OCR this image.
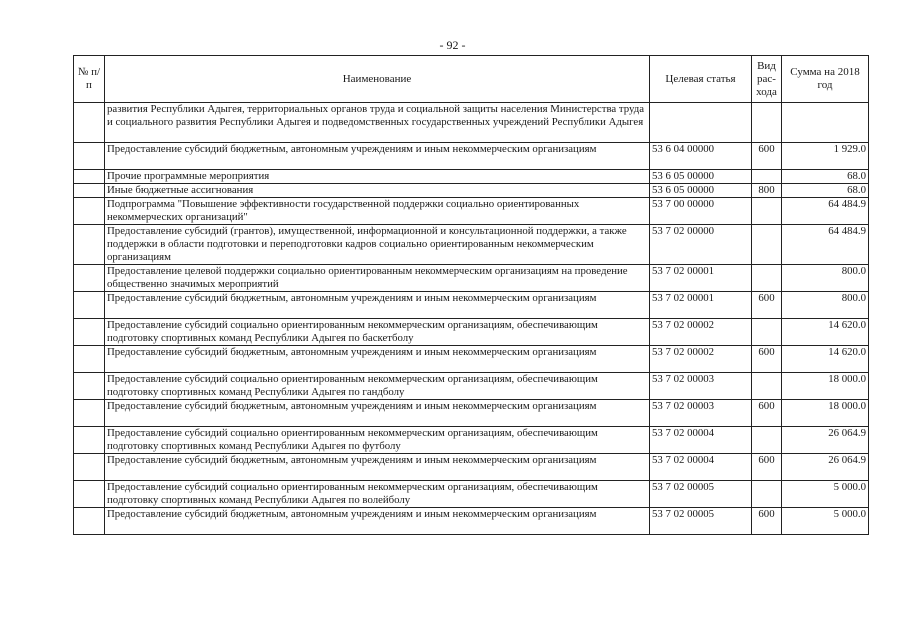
- 92 -
№ п/п	Наименование	Целевая статья	Вид рас-хода	Сумма на 2018 год
	развития Республики Адыгея, территориальных органов труда и социальной защиты населения Министерства труда и социального развития Республики Адыгея и подведомственных государственных учреждений Республики Адыгея			
	Предоставление субсидий бюджетным, автономным учреждениям и иным некоммерческим организациям	53 6 04 00000	600	1 929.0
	Прочие программные мероприятия	53 6 05 00000		68.0
	Иные бюджетные ассигнования	53 6 05 00000	800	68.0
	Подпрограмма "Повышение эффективности государственной поддержки социально ориентированных некоммерческих организаций"	53 7 00 00000		64 484.9
	Предоставление субсидий (грантов), имущественной, информационной и консультационной поддержки, а также поддержки в области подготовки и переподготовки кадров социально ориентированным некоммерческим организациям	53 7 02 00000		64 484.9
	Предоставление целевой поддержки социально ориентированным некоммерческим организациям на проведение общественно значимых мероприятий	53 7 02 00001		800.0
	Предоставление субсидий бюджетным, автономным учреждениям и иным некоммерческим организациям	53 7 02 00001	600	800.0
	Предоставление субсидий социально ориентированным некоммерческим организациям, обеспечивающим подготовку спортивных команд Республики Адыгея по баскетболу	53 7 02 00002		14 620.0
	Предоставление субсидий бюджетным, автономным учреждениям и иным некоммерческим организациям	53 7 02 00002	600	14 620.0
	Предоставление субсидий социально ориентированным некоммерческим организациям, обеспечивающим подготовку спортивных команд Республики Адыгея по гандболу	53 7 02 00003		18 000.0
	Предоставление субсидий бюджетным, автономным учреждениям и иным некоммерческим организациям	53 7 02 00003	600	18 000.0
	Предоставление субсидий социально ориентированным некоммерческим организациям, обеспечивающим подготовку спортивных команд Республики Адыгея по футболу	53 7 02 00004		26 064.9
	Предоставление субсидий бюджетным, автономным учреждениям и иным некоммерческим организациям	53 7 02 00004	600	26 064.9
	Предоставление субсидий социально ориентированным некоммерческим организациям, обеспечивающим подготовку спортивных команд Республики Адыгея по волейболу	53 7 02 00005		5 000.0
	Предоставление субсидий бюджетным, автономным учреждениям и иным некоммерческим организациям	53 7 02 00005	600	5 000.0
